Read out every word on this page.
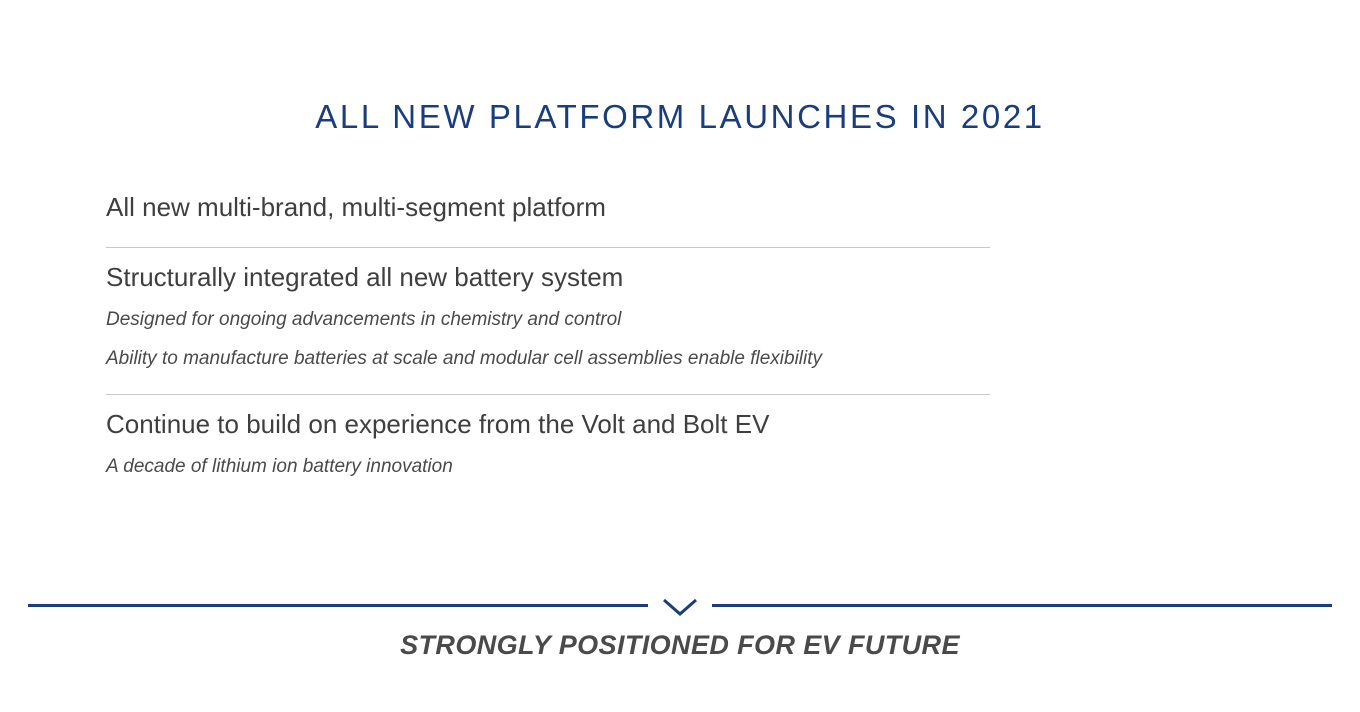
ALL NEW PLATFORM LAUNCHES IN 2021
All new multi-brand, multi-segment platform
Structurally integrated all new battery system
Designed for ongoing advancements in chemistry and control
Ability to manufacture batteries at scale and modular cell assemblies enable flexibility
Continue to build on experience from the Volt and Bolt EV
A decade of lithium ion battery innovation
STRONGLY POSITIONED FOR EV FUTURE
